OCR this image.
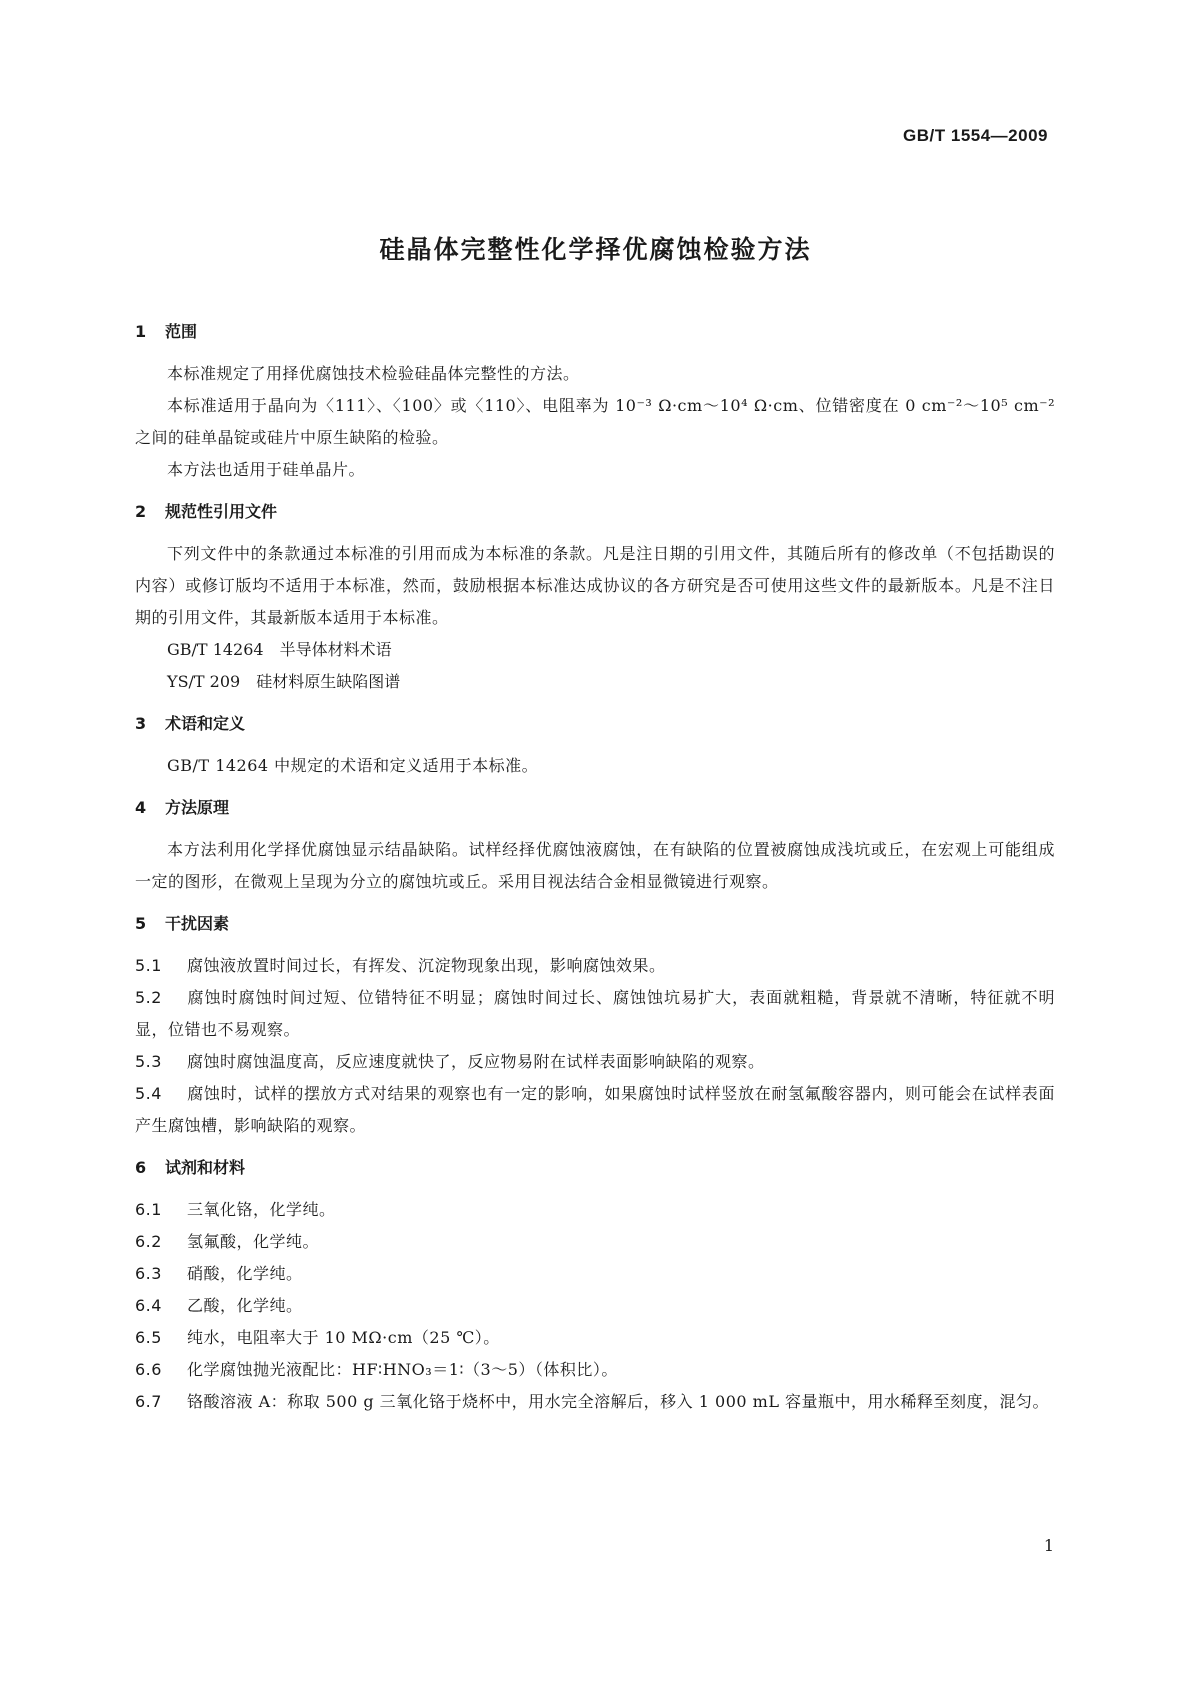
GB/T 1554—2009
硅晶体完整性化学择优腐蚀检验方法
1 范围
本标准规定了用择优腐蚀技术检验硅晶体完整性的方法。
本标准适用于晶向为〈111〉、〈100〉或〈110〉、电阻率为 10⁻³ Ω·cm～10⁴ Ω·cm、位错密度在 0 cm⁻²～10⁵ cm⁻²之间的硅单晶锭或硅片中原生缺陷的检验。
本方法也适用于硅单晶片。
2 规范性引用文件
下列文件中的条款通过本标准的引用而成为本标准的条款。凡是注日期的引用文件，其随后所有的修改单（不包括勘误的内容）或修订版均不适用于本标准，然而，鼓励根据本标准达成协议的各方研究是否可使用这些文件的最新版本。凡是不注日期的引用文件，其最新版本适用于本标准。
GB/T 14264　 半导体材料术语
YS/T 209　 硅材料原生缺陷图谱
3 术语和定义
GB/T 14264 中规定的术语和定义适用于本标准。
4 方法原理
本方法利用化学择优腐蚀显示结晶缺陷。试样经择优腐蚀液腐蚀，在有缺陷的位置被腐蚀成浅坑或丘，在宏观上可能组成一定的图形，在微观上呈现为分立的腐蚀坑或丘。采用目视法结合金相显微镜进行观察。
5 干扰因素
5.1 腐蚀液放置时间过长，有挥发、沉淀物现象出现，影响腐蚀效果。
5.2 腐蚀时腐蚀时间过短、位错特征不明显；腐蚀时间过长、腐蚀蚀坑易扩大，表面就粗糙，背景就不清晰，特征就不明显，位错也不易观察。
5.3 腐蚀时腐蚀温度高，反应速度就快了，反应物易附在试样表面影响缺陷的观察。
5.4 腐蚀时，试样的摆放方式对结果的观察也有一定的影响，如果腐蚀时试样竖放在耐氢氟酸容器内，则可能会在试样表面产生腐蚀槽，影响缺陷的观察。
6 试剂和材料
6.1 三氧化铬，化学纯。
6.2 氢氟酸，化学纯。
6.3 硝酸，化学纯。
6.4 乙酸，化学纯。
6.5 纯水，电阻率大于 10 MΩ·cm（25 ℃）。
6.6 化学腐蚀抛光液配比：HF∶HNO₃＝1∶（3～5）（体积比）。
6.7 铬酸溶液 A：称取 500 g 三氧化铬于烧杯中，用水完全溶解后，移入 1 000 mL 容量瓶中，用水稀释至刻度，混匀。
1
